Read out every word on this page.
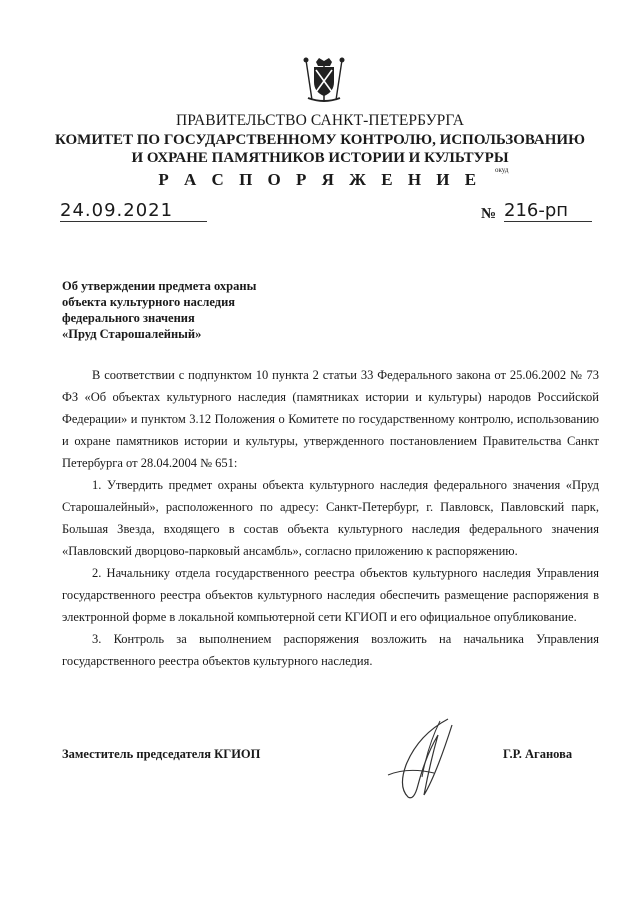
ПРАВИТЕЛЬСТВО САНКТ-ПЕТЕРБУРГА
КОМИТЕТ ПО ГОСУДАРСТВЕННОМУ КОНТРОЛЮ, ИСПОЛЬЗОВАНИЮ
И ОХРАНЕ ПАМЯТНИКОВ ИСТОРИИ И КУЛЬТУРЫ
окуд
Р А С П О Р Я Ж Е Н И Е
24.09.2021	№ 216-рп
Об утверждении предмета охраны
объекта культурного наследия
федерального значения
«Пруд Старошалейный»

В соответствии с подпунктом 10 пункта 2 статьи 33 Федерального закона от 25.06.2002 № 73 ФЗ «Об объектах культурного наследия (памятниках истории и культуры) народов Российской Федерации» и пунктом 3.12 Положения о Комитете по государственному контролю, использованию и охране памятников истории и культуры, утвержденного постановлением Правительства Санкт Петербурга от 28.04.2004 № 651:

1. Утвердить предмет охраны объекта культурного наследия федерального значения «Пруд Старошалейный», расположенного по адресу: Санкт-Петербург, г. Павловск, Павловский парк, Большая Звезда, входящего в состав объекта культурного наследия федерального значения «Павловский дворцово-парковый ансамбль», согласно приложению к распоряжению.

2. Начальнику отдела государственного реестра объектов культурного наследия Управления государственного реестра объектов культурного наследия обеспечить размещение распоряжения в электронной форме в локальной компьютерной сети КГИОП и его официальное опубликование.

3. Контроль за выполнением распоряжения возложить на начальника Управления государственного реестра объектов культурного наследия.

Заместитель председателя КГИОП	Г.Р. Аганова
